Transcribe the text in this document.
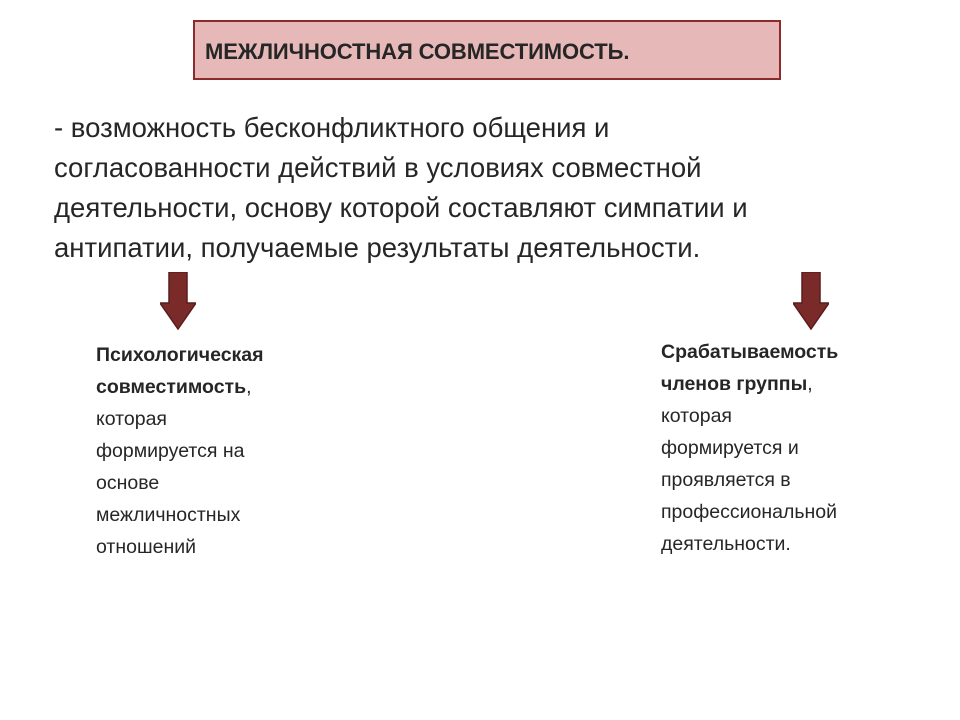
МЕЖЛИЧНОСТНАЯ СОВМЕСТИМОСТЬ.

- возможность бесконфликтного общения и
согласованности действий в условиях совместной
деятельности, основу которой составляют симпатии и
антипатии, получаемые результаты деятельности.

Психологическая
совместимость,
которая
формируется на
основе
межличностных
отношений
Срабатываемость
членов группы,
которая
формируется и
проявляется в
профессиональной
деятельности.
